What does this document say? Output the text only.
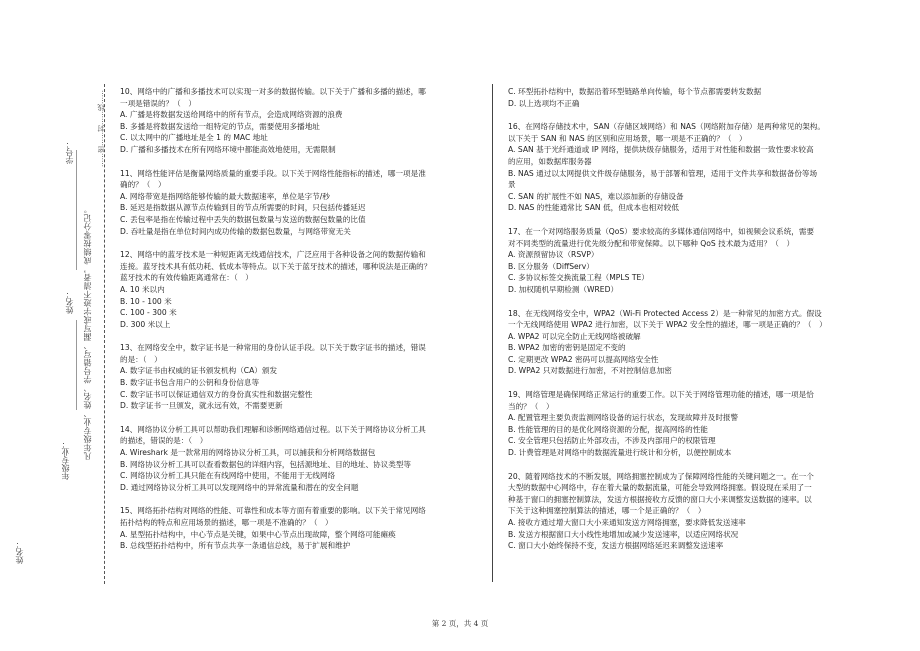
学号：
姓名： 凡年级专业、姓名、学号错写、漏写或字迹不清者，成绩按零分记。
年级专业：
……密……封……线……
姓名：

10、网络中的广播和多播技术可以实现一对多的数据传输。以下关于广播和多播的描述，哪

一项是错误的？（　）

A. 广播是将数据发送给网络中的所有节点，会造成网络资源的浪费

B. 多播是将数据发送给一组特定的节点，需要使用多播地址

C. 以太网中的广播地址是全 1 的 MAC 地址

D. 广播和多播技术在所有网络环境中都能高效地使用，无需限制

11、网络性能评估是衡量网络质量的重要手段。以下关于网络性能指标的描述，哪一项是准

确的？（　）

A. 网络带宽是指网络能够传输的最大数据速率，单位是字节/秒

B. 延迟是指数据从源节点传输到目的节点所需要的时间，只包括传播延迟

C. 丢包率是指在传输过程中丢失的数据包数量与发送的数据包数量的比值

D. 吞吐量是指在单位时间内成功传输的数据包数量，与网络带宽无关

12、网络中的蓝牙技术是一种短距离无线通信技术，广泛应用于各种设备之间的数据传输和

连接。蓝牙技术具有低功耗、低成本等特点。以下关于蓝牙技术的描述，哪种说法是正确的？

蓝牙技术的有效传输距离通常在：（　）

A. 10 米以内

B. 10 - 100 米

C. 100 - 300 米

D. 300 米以上

13、在网络安全中，数字证书是一种常用的身份认证手段。以下关于数字证书的描述，错误

的是：（　）

A. 数字证书由权威的证书颁发机构（CA）颁发

B. 数字证书包含用户的公钥和身份信息等

C. 数字证书可以保证通信双方的身份真实性和数据完整性

D. 数字证书一旦颁发，就永远有效，不需要更新

14、网络协议分析工具可以帮助我们理解和诊断网络通信过程。以下关于网络协议分析工具

的描述，错误的是：（　）

A. Wireshark 是一款常用的网络协议分析工具，可以捕获和分析网络数据包

B. 网络协议分析工具可以查看数据包的详细内容，包括源地址、目的地址、协议类型等

C. 网络协议分析工具只能在有线网络中使用，不能用于无线网络

D. 通过网络协议分析工具可以发现网络中的异常流量和潜在的安全问题

15、网络拓扑结构对网络的性能、可靠性和成本等方面有着重要的影响。以下关于常见网络

拓扑结构的特点和应用场景的描述，哪一项是不准确的？（　）

A. 星型拓扑结构中，中心节点是关键，如果中心节点出现故障，整个网络可能瘫痪

B. 总线型拓扑结构中，所有节点共享一条通信总线，易于扩展和维护

C. 环型拓扑结构中，数据沿着环型链路单向传输，每个节点都需要转发数据

D. 以上选项均不正确

16、在网络存储技术中，SAN（存储区域网络）和 NAS（网络附加存储）是两种常见的架构。

以下关于 SAN 和 NAS 的区别和应用场景，哪一项是不正确的？（　）

A. SAN 基于光纤通道或 IP 网络，提供块级存储服务，适用于对性能和数据一致性要求较高

的应用，如数据库服务器

B. NAS 通过以太网提供文件级存储服务，易于部署和管理，适用于文件共享和数据备份等场

景

C. SAN 的扩展性不如 NAS，难以添加新的存储设备

D. NAS 的性能通常比 SAN 低，但成本也相对较低

17、在一个对网络服务质量（QoS）要求较高的多媒体通信网络中，如视频会议系统，需要

对不同类型的流量进行优先级分配和带宽保障。以下哪种 QoS 技术最为适用？（　）

A. 资源预留协议（RSVP）

B. 区分服务（DiffServ）

C. 多协议标签交换流量工程（MPLS TE）

D. 加权随机早期检测（WRED）

18、在无线网络安全中，WPA2（Wi-Fi Protected Access 2）是一种常见的加密方式。假设

一个无线网络使用 WPA2 进行加密，以下关于 WPA2 安全性的描述，哪一项是正确的？（　）

A. WPA2 可以完全防止无线网络被破解

B. WPA2 加密的密钥是固定不变的

C. 定期更改 WPA2 密码可以提高网络安全性

D. WPA2 只对数据进行加密，不对控制信息加密

19、网络管理是确保网络正常运行的重要工作。以下关于网络管理功能的描述，哪一项是恰

当的？（　）

A. 配置管理主要负责监测网络设备的运行状态，发现故障并及时报警

B. 性能管理的目的是优化网络资源的分配，提高网络的性能

C. 安全管理只包括防止外部攻击，不涉及内部用户的权限管理

D. 计费管理是对网络中的数据流量进行统计和分析，以便控制成本

20、随着网络技术的不断发展，网络拥塞控制成为了保障网络性能的关键问题之一。在一个

大型的数据中心网络中，存在着大量的数据流量，可能会导致网络拥塞。假设现在采用了一

种基于窗口的拥塞控制算法，发送方根据接收方反馈的窗口大小来调整发送数据的速率。以

下关于这种拥塞控制算法的描述，哪一个是正确的？（　）

A. 接收方通过增大窗口大小来通知发送方网络拥塞，要求降低发送速率

B. 发送方根据窗口大小线性地增加或减少发送速率，以适应网络状况

C. 窗口大小始终保持不变，发送方根据网络延迟来调整发送速率

第 2 页，共 4 页
